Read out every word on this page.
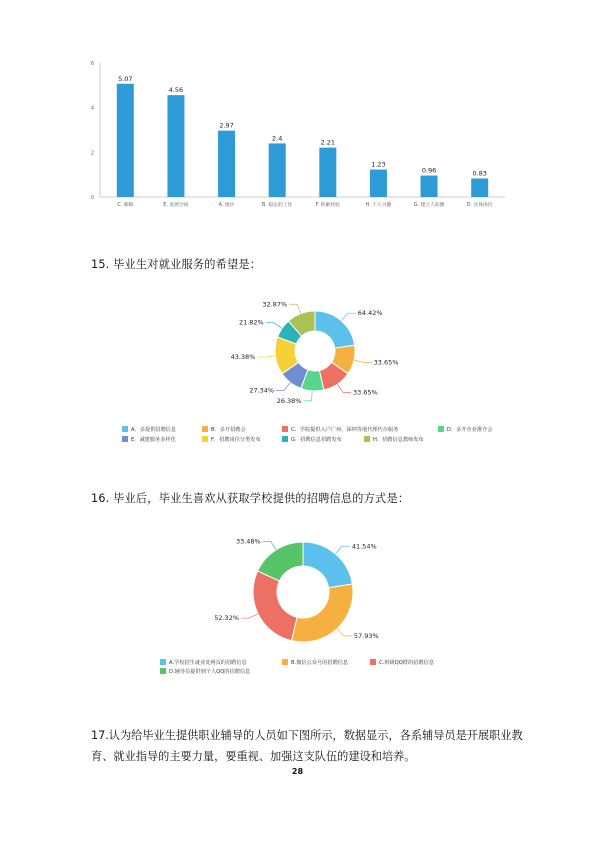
0
2
4
6
5.07
4.56
2.97
2.4
2.21
1.23
0.96	0.83
C. 朝朝	E. 发展空间	A. 地区	B. 稳定的工作	F. 积累经验	H. 个人兴趣	G. 建立人际圈	D. 具体岗位
15. 毕业生对就业服务的希望是：
64.42%
33.65%
33.65%
26.38%
27.34%
43.38%
21.82%
32.87%
A．多提供招聘信息	B．多开招聘会	C．学院提供入户广州、深圳等地代理代办服务	D．多开企业推介会
E．减建服务多样化	F．招聘岗位分类发布	G．招聘信息招聘发布	H．招聘信息教师发布
16. 毕业后，毕业生喜欢从获取学校提供的招聘信息的方式是：
41.54%
57.93%
52.32%
33.48%
A.学校招生就业处网页的招聘信息	B.微信公众号的招聘信息	C.班级QQ群的招聘信息
D.辅导员提供到个人QQ的招聘信息
17.认为给毕业生提供职业辅导的人员如下图所示，数据显示，各系辅导员是开展职业教育、就业指导的主要力量，要重视、加强这支队伍的建设和培养。
28
